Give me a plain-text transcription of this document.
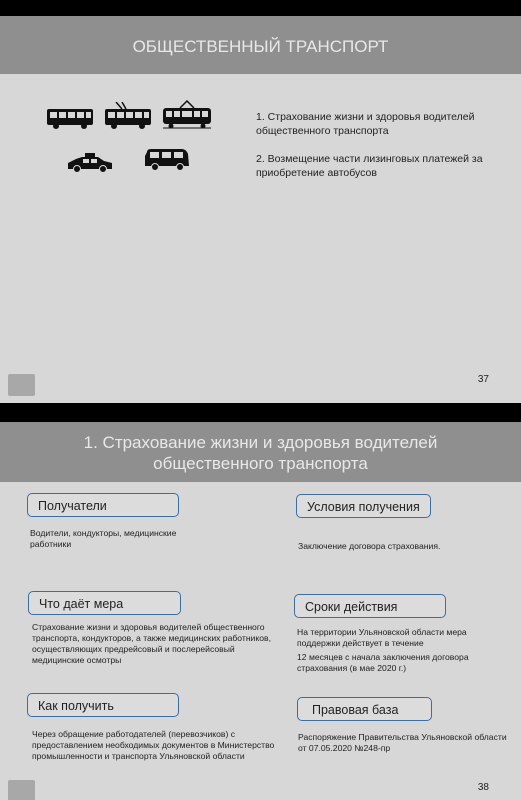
ОБЩЕСТВЕННЫЙ ТРАНСПОРТ
1. Страхование жизни и здоровья водителей общественного транспорта
2. Возмещение части лизинговых платежей за приобретение автобусов
37
1. Страхование жизни и здоровья водителей
общественного транспорта
Получатели
Водители, кондукторы, медицинские работники
Условия получения
Заключение договора страхования.
Что даёт мера
Страхование жизни и здоровья водителей общественного транспорта, кондукторов, а также медицинских работников, осуществляющих предрейсовый и послерейсовый медицинские осмотры
Сроки действия
На территории Ульяновской области мера поддержки действует в течение
12 месяцев с начала заключения договора страхования (в мае 2020 г.)
Как получить
Через обращение работодателей (перевозчиков) с предоставлением необходимых документов в Министерство промышленности и транспорта Ульяновской области
Правовая база
Распоряжение Правительства Ульяновской области от 07.05.2020 №248-пр
38
